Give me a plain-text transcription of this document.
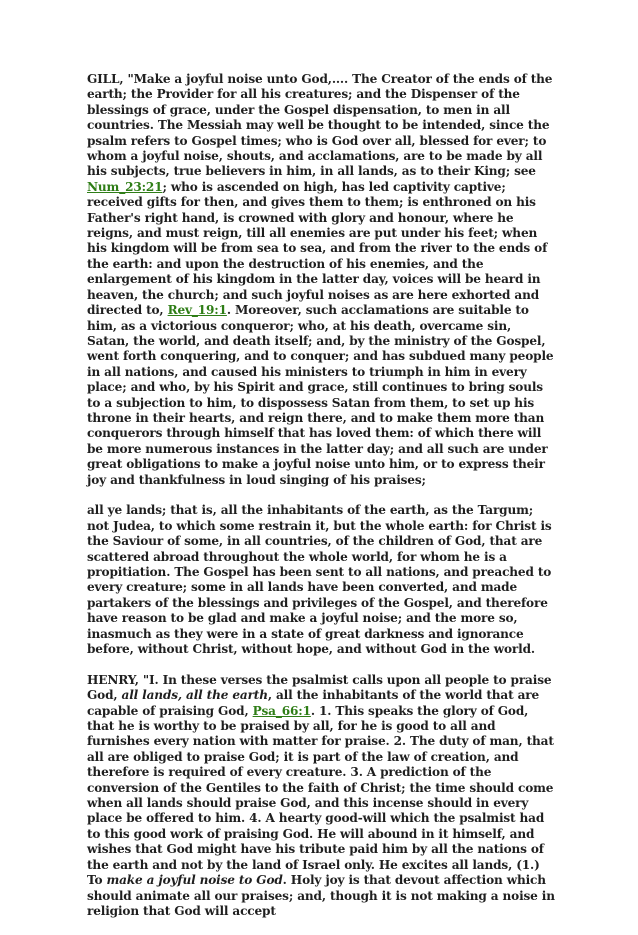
GILL, "Make a joyful noise unto God,.... The Creator of the ends of the earth; the Provider for all his creatures; and the Dispenser of the blessings of grace, under the Gospel dispensation, to men in all countries. The Messiah may well be thought to be intended, since the psalm refers to Gospel times; who is God over all, blessed for ever; to whom a joyful noise, shouts, and acclamations, are to be made by all his subjects, true believers in him, in all lands, as to their King; see Num_23:21; who is ascended on high, has led captivity captive; received gifts for then, and gives them to them; is enthroned on his Father's right hand, is crowned with glory and honour, where he reigns, and must reign, till all enemies are put under his feet; when his kingdom will be from sea to sea, and from the river to the ends of the earth: and upon the destruction of his enemies, and the enlargement of his kingdom in the latter day, voices will be heard in heaven, the church; and such joyful noises as are here exhorted and directed to, Rev_19:1. Moreover, such acclamations are suitable to him, as a victorious conqueror; who, at his death, overcame sin, Satan, the world, and death itself; and, by the ministry of the Gospel, went forth conquering, and to conquer; and has subdued many people in all nations, and caused his ministers to triumph in him in every place; and who, by his Spirit and grace, still continues to bring souls to a subjection to him, to dispossess Satan from them, to set up his throne in their hearts, and reign there, and to make them more than conquerors through himself that has loved them: of which there will be more numerous instances in the latter day; and all such are under great obligations to make a joyful noise unto him, or to express their joy and thankfulness in loud singing of his praises;

all ye lands; that is, all the inhabitants of the earth, as the Targum; not Judea, to which some restrain it, but the whole earth: for Christ is the Saviour of some, in all countries, of the children of God, that are scattered abroad throughout the whole world, for whom he is a propitiation. The Gospel has been sent to all nations, and preached to every creature; some in all lands have been converted, and made partakers of the blessings and privileges of the Gospel, and therefore have reason to be glad and make a joyful noise; and the more so, inasmuch as they were in a state of great darkness and ignorance before, without Christ, without hope, and without God in the world.

HENRY, "I. In these verses the psalmist calls upon all people to praise God, all lands, all the earth, all the inhabitants of the world that are capable of praising God, Psa_66:1. 1. This speaks the glory of God, that he is worthy to be praised by all, for he is good to all and furnishes every nation with matter for praise. 2. The duty of man, that all are obliged to praise God; it is part of the law of creation, and therefore is required of every creature. 3. A prediction of the conversion of the Gentiles to the faith of Christ; the time should come when all lands should praise God, and this incense should in every place be offered to him. 4. A hearty good-will which the psalmist had to this good work of praising God. He will abound in it himself, and wishes that God might have his tribute paid him by all the nations of the earth and not by the land of Israel only. He excites all lands, (1.) To make a joyful noise to God. Holy joy is that devout affection which should animate all our praises; and, though it is not making a noise in religion that God will accept
